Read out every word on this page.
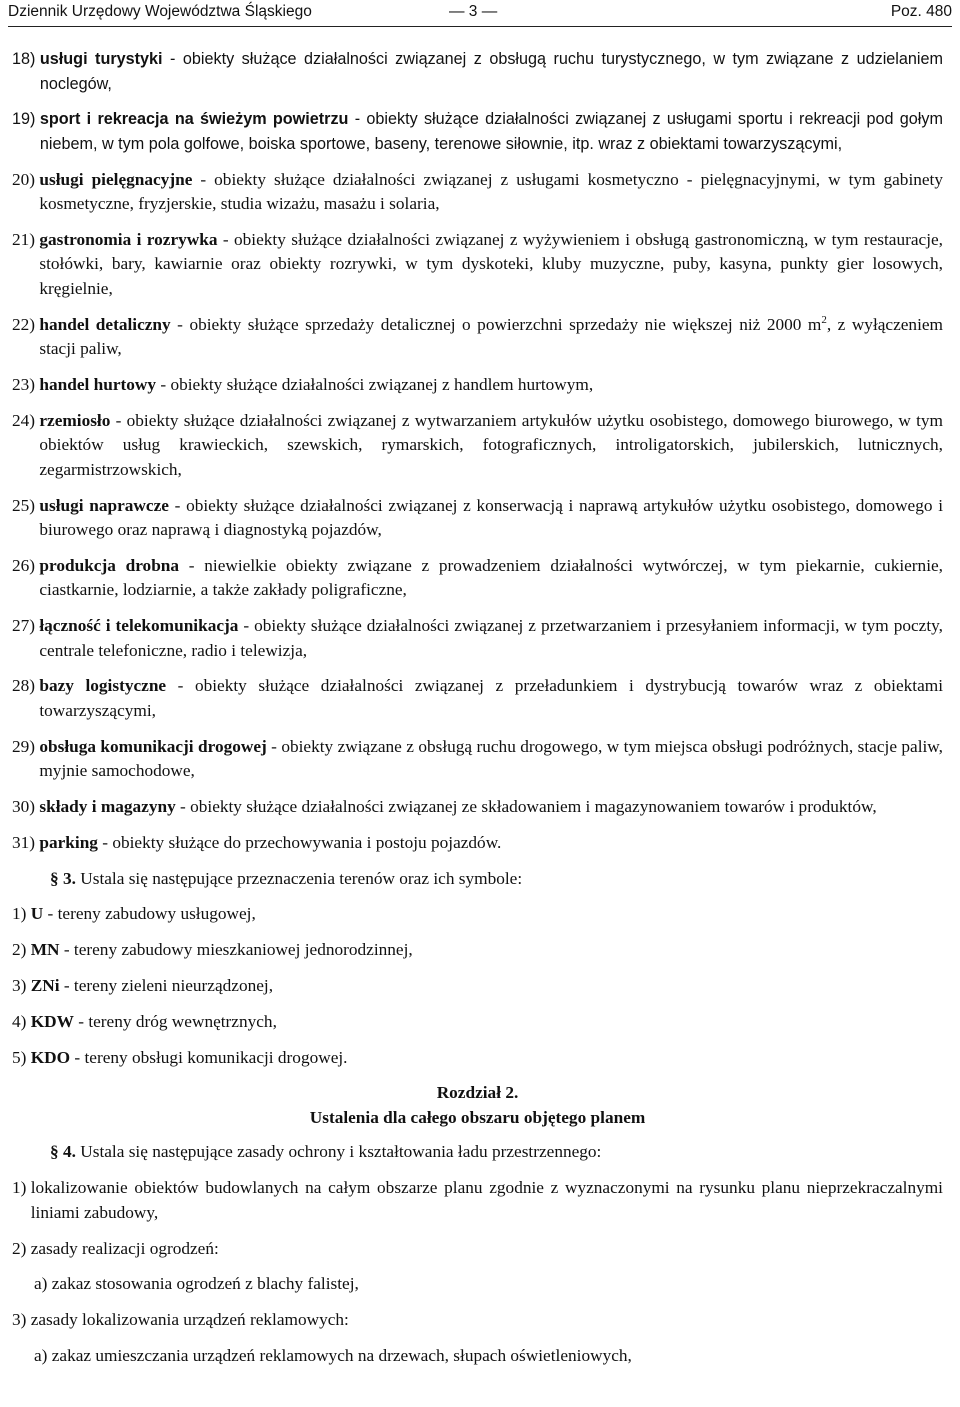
Dziennik Urzędowy Województwa Śląskiego	— 3 —	Poz. 480
18) usługi turystyki - obiekty służące działalności związanej z obsługą ruchu turystycznego, w tym związane z udzielaniem noclegów,
19) sport i rekreacja na świeżym powietrzu - obiekty służące działalności związanej z usługami sportu i rekreacji pod gołym niebem, w tym pola golfowe, boiska sportowe, baseny, terenowe siłownie, itp. wraz z obiektami towarzyszącymi,
20) usługi pielęgnacyjne - obiekty służące działalności związanej z usługami kosmetyczno - pielęgnacyjnymi, w tym gabinety kosmetyczne, fryzjerskie, studia wizażu, masażu i solaria,
21) gastronomia i rozrywka - obiekty służące działalności związanej z wyżywieniem i obsługą gastronomiczną, w tym restauracje, stołówki, bary, kawiarnie oraz obiekty rozrywki, w tym dyskoteki, kluby muzyczne, puby, kasyna, punkty gier losowych, kręgielnie,
22) handel detaliczny - obiekty służące sprzedaży detalicznej o powierzchni sprzedaży nie większej niż 2000 $m^2$, z wyłączeniem stacji paliw,
23) handel hurtowy - obiekty służące działalności związanej z handlem hurtowym,
24) rzemiosło - obiekty służące działalności związanej z wytwarzaniem artykułów użytku osobistego, domowego biurowego, w tym obiektów usług krawieckich, szewskich, rymarskich, fotograficznych, introligatorskich, jubilerskich, lutnicznych, zegarmistrzowskich,
25) usługi naprawcze - obiekty służące działalności związanej z konserwacją i naprawą artykułów użytku osobistego, domowego i biurowego oraz naprawą i diagnostyką pojazdów,
26) produkcja drobna - niewielkie obiekty związane z prowadzeniem działalności wytwórczej, w tym piekarnie, cukiernie, ciastkarnie, lodziarnie, a także zakłady poligraficzne,
27) łączność i telekomunikacja - obiekty służące działalności związanej z przetwarzaniem i przesyłaniem informacji, w tym poczty, centrale telefoniczne, radio i telewizja,
28) bazy logistyczne - obiekty służące działalności związanej z przeładunkiem i dystrybucją towarów wraz z obiektami towarzyszącymi,
29) obsługa komunikacji drogowej - obiekty związane z obsługą ruchu drogowego, w tym miejsca obsługi podróżnych, stacje paliw, myjnie samochodowe,
30) składy i magazyny - obiekty służące działalności związanej ze składowaniem i magazynowaniem towarów i produktów,
31) parking - obiekty służące do przechowywania i postoju pojazdów.
§ 3. Ustala się następujące przeznaczenia terenów oraz ich symbole:
1) U - tereny zabudowy usługowej,
2) MN - tereny zabudowy mieszkaniowej jednorodzinnej,
3) ZNi - tereny zieleni nieurządzonej,
4) KDW - tereny dróg wewnętrznych,
5) KDO - tereny obsługi komunikacji drogowej.
Rozdział 2.
Ustalenia dla całego obszaru objętego planem
§ 4. Ustala się następujące zasady ochrony i kształtowania ładu przestrzennego:
1) lokalizowanie obiektów budowlanych na całym obszarze planu zgodnie z wyznaczonymi na rysunku planu nieprzekraczalnymi liniami zabudowy,
2) zasady realizacji ogrodzeń:
a) zakaz stosowania ogrodzeń z blachy falistej,
3) zasady lokalizowania urządzeń reklamowych:
a) zakaz umieszczania urządzeń reklamowych na drzewach, słupach oświetleniowych,
